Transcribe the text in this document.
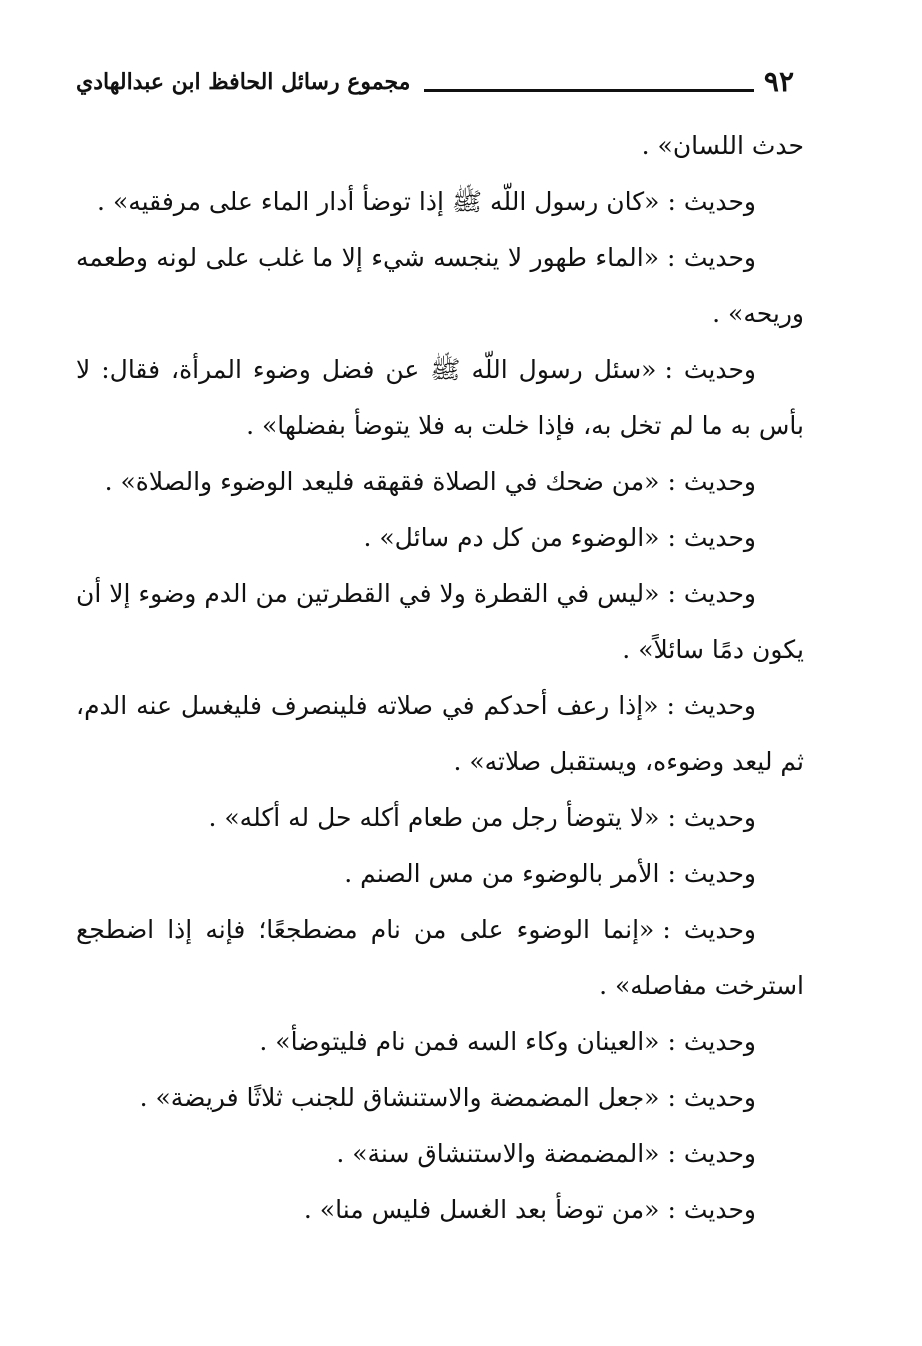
٩٢
مجموع رسائل الحافظ ابن عبدالهادي

حدث اللسان» .

وحديث :«كان رسول اللّه ﷺ إذا توضأ أدار الماء على مرفقيه» .

وحديث :«الماء طهور لا ينجسه شيء إلا ما غلب على لونه وطعمه وريحه» .

وحديث :«سئل رسول اللّه ﷺ عن فضل وضوء المرأة، فقال: لا بأس به ما لم تخل به، فإذا خلت به فلا يتوضأ بفضلها» .

وحديث :«من ضحك في الصلاة فقهقه فليعد الوضوء والصلاة» .

وحديث :«الوضوء من كل دم سائل» .

وحديث :«ليس في القطرة ولا في القطرتين من الدم وضوء إلا أن يكون دمًا سائلاً» .

وحديث :«إذا رعف أحدكم في صلاته فلينصرف فليغسل عنه الدم، ثم ليعد وضوءه، ويستقبل صلاته» .

وحديث :«لا يتوضأ رجل من طعام أكله حل له أكله» .

وحديث :الأمر بالوضوء من مس الصنم .

وحديث :«إنما الوضوء على من نام مضطجعًا؛ فإنه إذا اضطجع استرخت مفاصله» .

وحديث :«العينان وكاء السه فمن نام فليتوضأ» .

وحديث :«جعل المضمضة والاستنشاق للجنب ثلاثًا فريضة» .

وحديث :«المضمضة والاستنشاق سنة» .

وحديث :«من توضأ بعد الغسل فليس منا» .
